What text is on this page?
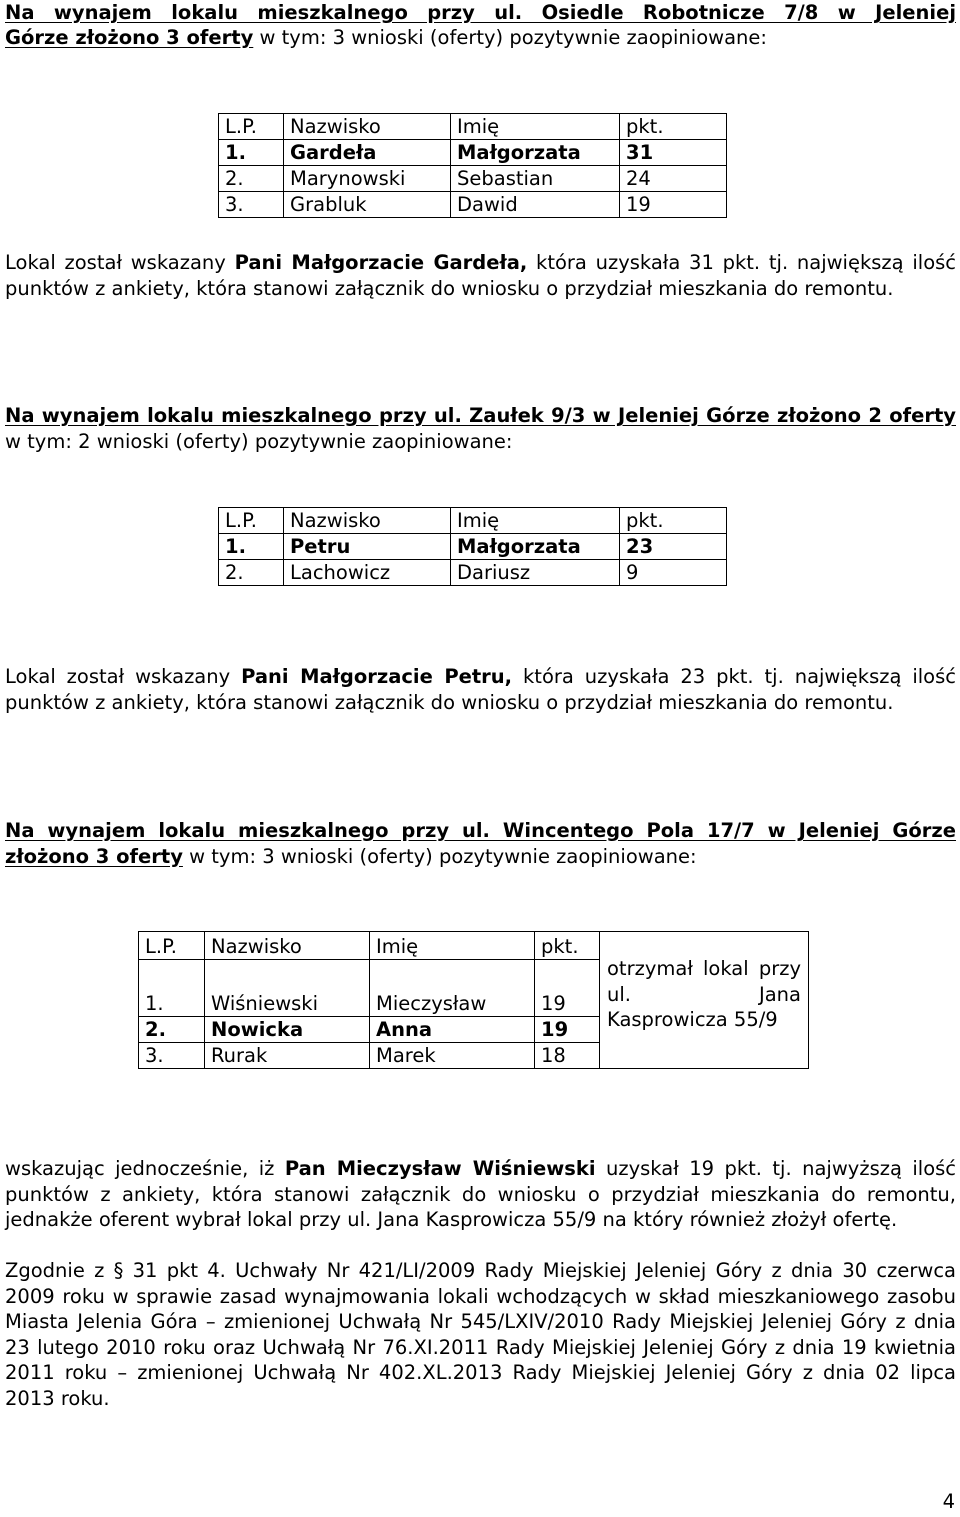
Na wynajem lokalu mieszkalnego przy ul. Osiedle Robotnicze 7/8 w Jeleniej

Górze złożono 3 oferty w tym: 3 wnioski (oferty) pozytywnie zaopiniowane:

L.P.	Nazwisko	Imię	pkt.
1.	Gardeła	Małgorzata	31
2.	Marynowski	Sebastian	24
3.	Grabluk	Dawid	19

Lokal został wskazany Pani Małgorzacie Gardeła, która uzyskała 31 pkt. tj. największą ilość punktów z ankiety, która stanowi załącznik do wniosku o przydział mieszkania do remontu.

Na wynajem lokalu mieszkalnego przy ul. Zaułek 9/3 w Jeleniej Górze złożono 2 oferty w tym: 2 wnioski (oferty) pozytywnie zaopiniowane:

L.P.	Nazwisko	Imię	pkt.
1.	Petru	Małgorzata	23
2.	Lachowicz	Dariusz	9

Lokal został wskazany Pani Małgorzacie Petru, która uzyskała 23 pkt. tj. największą ilość punktów z ankiety, która stanowi załącznik do wniosku o przydział mieszkania do remontu.

Na wynajem lokalu mieszkalnego przy ul. Wincentego Pola 17/7 w Jeleniej Górze złożono 3 oferty w tym: 3 wnioski (oferty) pozytywnie zaopiniowane:

L.P.	Nazwisko	Imię	pkt.	otrzymał lokal przy ul. Jana Kasprowicza 55/9

1.	Wiśniewski	Mieczysław	19	
2.	Nowicka	Anna	19	
3.	Rurak	Marek	18	

wskazując jednocześnie, iż Pan Mieczysław Wiśniewski uzyskał 19 pkt. tj. najwyższą ilość punktów z ankiety, która stanowi załącznik do wniosku o przydział mieszkania do remontu, jednakże oferent wybrał lokal przy ul. Jana Kasprowicza 55/9 na który również złożył ofertę.

Zgodnie z § 31 pkt 4. Uchwały Nr 421/LI/2009 Rady Miejskiej Jeleniej Góry z dnia 30 czerwca 2009 roku w sprawie zasad wynajmowania lokali wchodzących w skład mieszkaniowego zasobu Miasta Jelenia Góra – zmienionej Uchwałą Nr 545/LXIV/2010 Rady Miejskiej Jeleniej Góry z dnia 23 lutego 2010 roku oraz Uchwałą Nr 76.XI.2011 Rady Miejskiej Jeleniej Góry z dnia 19 kwietnia 2011 roku – zmienionej Uchwałą Nr 402.XL.2013 Rady Miejskiej Jeleniej Góry z dnia 02 lipca 2013 roku.

4
